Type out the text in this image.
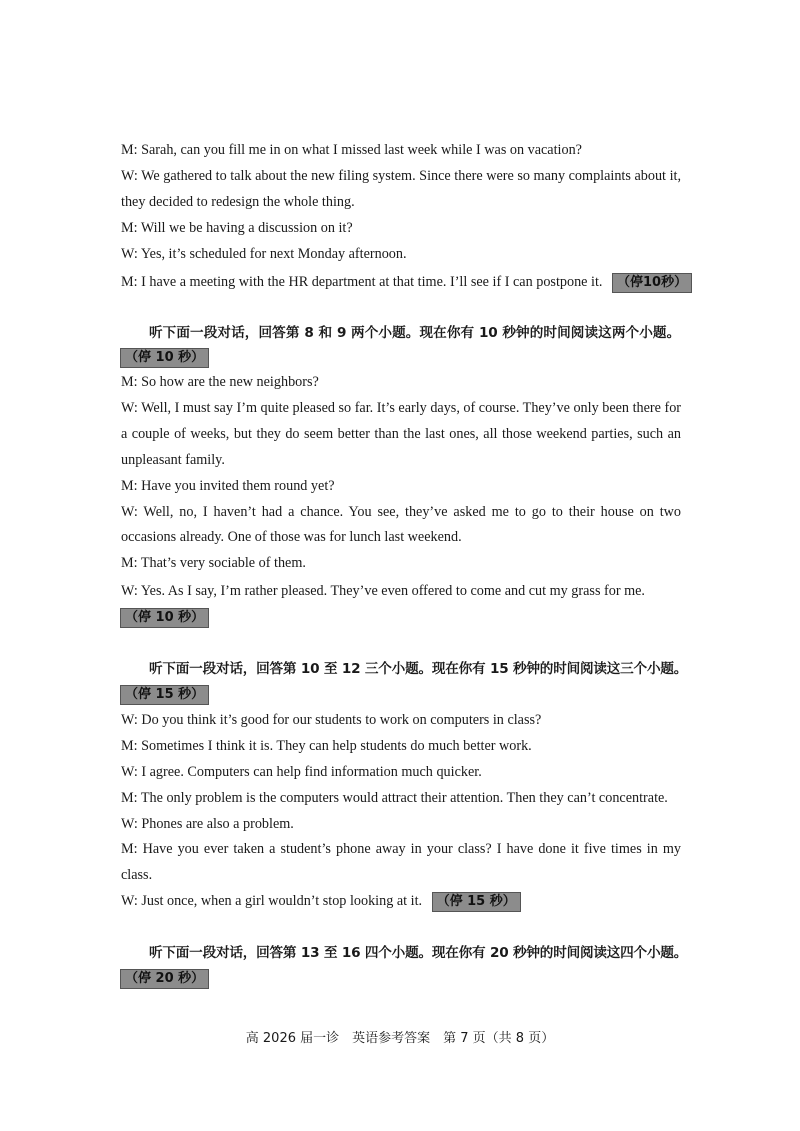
M: Sarah, can you fill me in on what I missed last week while I was on vacation?
W: We gathered to talk about the new filing system. Since there were so many complaints about it,
they decided to redesign the whole thing.
M: Will we be having a discussion on it?
W: Yes, it’s scheduled for next Monday afternoon.
M: I have a meeting with the HR department at that time. I’ll see if I can postpone it. （停10秒）
听下面一段对话，回答第 8 和 9 两个小题。现在你有 10 秒钟的时间阅读这两个小题。
（停 10 秒）
M: So how are the new neighbors?
W: Well, I must say I’m quite pleased so far. It’s early days, of course. They’ve only been there for
a couple of weeks, but they do seem better than the last ones, all those weekend parties, such an
unpleasant family.
M: Have you invited them round yet?
W: Well, no, I haven’t had a chance. You see, they’ve asked me to go to their house on two
occasions already. One of those was for lunch last weekend.
M: That’s very sociable of them.
W: Yes. As I say, I’m rather pleased. They’ve even offered to come and cut my grass for me.
（停 10 秒）
听下面一段对话，回答第 10 至 12 三个小题。现在你有 15 秒钟的时间阅读这三个小题。
（停 15 秒）
W: Do you think it’s good for our students to work on computers in class?
M: Sometimes I think it is. They can help students do much better work.
W: I agree. Computers can help find information much quicker.
M: The only problem is the computers would attract their attention. Then they can’t concentrate.
W: Phones are also a problem.
M: Have you ever taken a student’s phone away in your class? I have done it five times in my
class.
W: Just once, when a girl wouldn’t stop looking at it. （停 15 秒）
听下面一段对话，回答第 13 至 16 四个小题。现在你有 20 秒钟的时间阅读这四个小题。
（停 20 秒）
高 2026 届一诊　英语参考答案　第 7 页（共 8 页）
